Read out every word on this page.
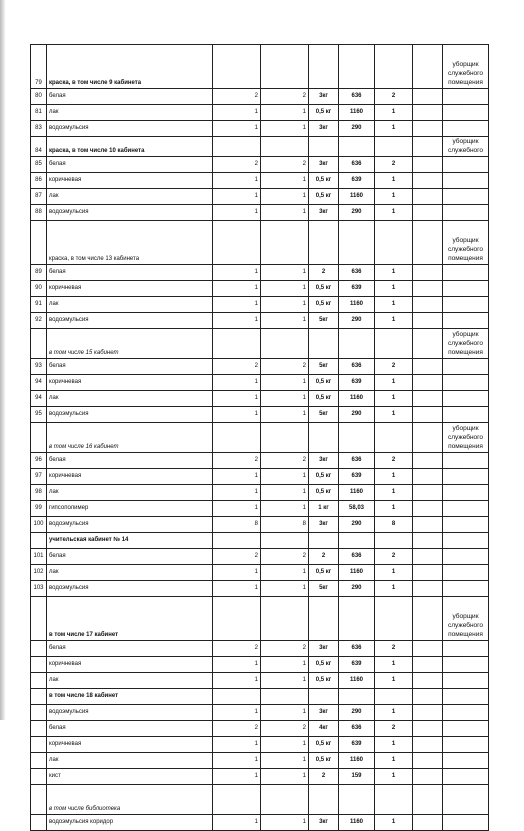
79	краска, в том числе 9 кабинета							уборщик служебного помещения
80	белая	2	2	3кг	636	2		
81	лак	1	1	0,5 кг	1160	1		
83	водоэмульсия	1	1	3кг	290	1		
84	краска, в том числе 10 кабинета							уборщик служебного
85	белая	2	2	3кг	636	2		
86	коричневая	1	1	0,5 кг	639	1		
87	лак	1	1	0,5 кг	1160	1		
88	водоэмульсия	1	1	3кг	290	1		
	краска, в том числе 13 кабинета							уборщик служебного помещения
89	белая	1	1	2	636	1		
90	коричневая	1	1	0,5 кг	639	1		
91	лак	1	1	0,5 кг	1160	1		
92	водоэмульсия	1	1	5кг	290	1		
	в том числе 15 кабинет							уборщик служебного помещения
93	белая	2	2	5кг	636	2		
94	коричневая	1	1	0,5 кг	639	1		
94	лак	1	1	0,5 кг	1160	1		
95	водоэмульсия	1	1	5кг	290	1		
	в том числе 16 кабинет							уборщик служебного помещения
96	белая	2	2	3кг	636	2		
97	коричневая	1	1	0,5 кг	639	1		
98	лак	1	1	0,5 кг	1160	1		
99	гипсополимер	1	1	1 кг	58,03	1		
100	водоэмульсия	8	8	3кг	290	8		
	учительская кабинет № 14							
101	белая	2	2	2	636	2		
102	лак	1	1	0,5 кг	1160	1		
103	водоэмульсия	1	1	5кг	290	1		
	в том числе 17 кабинет							уборщик служебного помещения
	белая	2	2	3кг	636	2		
	коричневая	1	1	0,5 кг	639	1		
	лак	1	1	0,5 кг	1160	1		
	в том числе 18 кабинет							
	водоэмульсия	1	1	3кг	290	1		
	белая	2	2	4кг	636	2		
	коричневая	1	1	0,5 кг	639	1		
	лак	1	1	0,5 кг	1160	1		
	кист	1	1	2	159	1		
	в том числе библиотека							
	водоэмульсия коридор	1	1	3кг	1160	1		
